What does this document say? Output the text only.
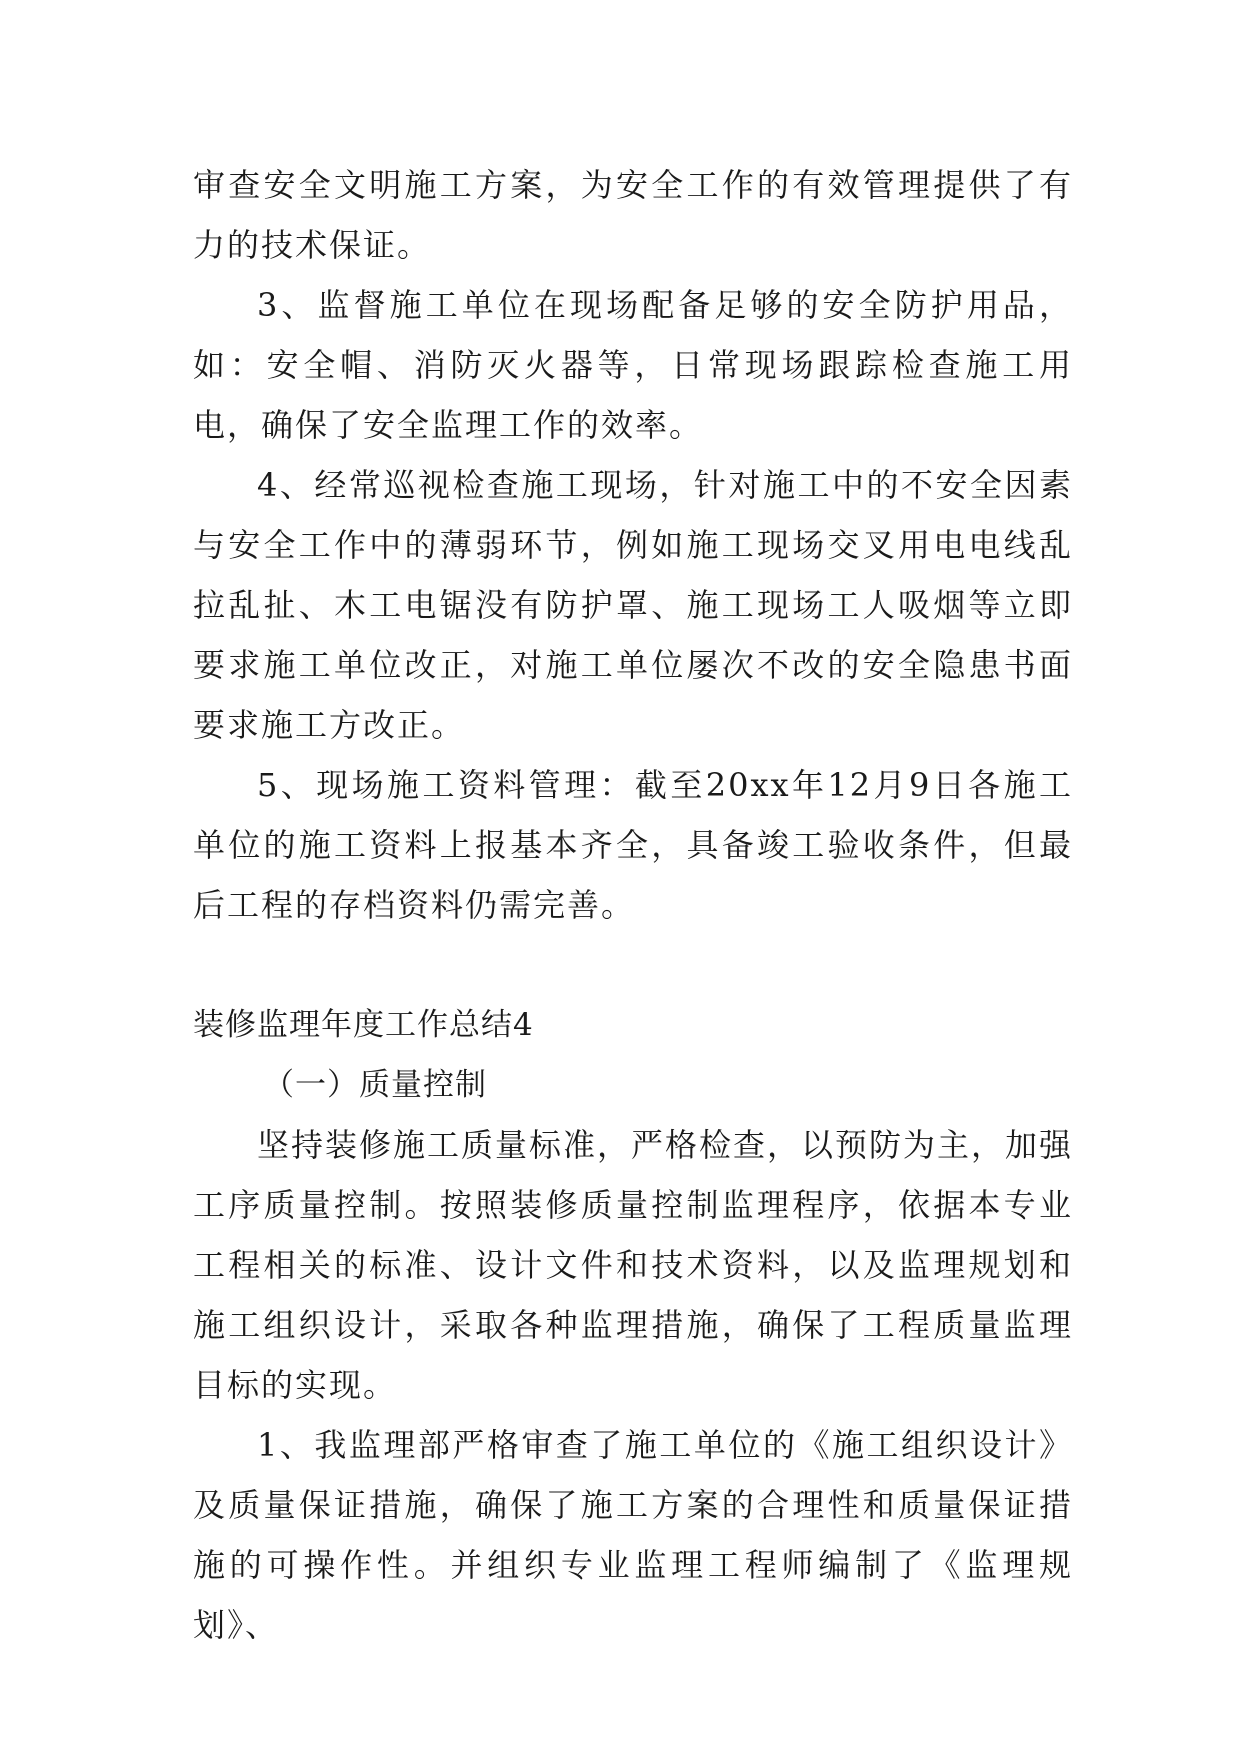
审查安全文明施工方案，为安全工作的有效管理提供了有力的技术保证。

3、监督施工单位在现场配备足够的安全防护用品，如：安全帽、消防灭火器等，日常现场跟踪检查施工用电，确保了安全监理工作的效率。

4、经常巡视检查施工现场，针对施工中的不安全因素与安全工作中的薄弱环节，例如施工现场交叉用电电线乱拉乱扯、木工电锯没有防护罩、施工现场工人吸烟等立即要求施工单位改正，对施工单位屡次不改的安全隐患书面要求施工方改正。

5、现场施工资料管理：截至20xx年12月9日各施工单位的施工资料上报基本齐全，具备竣工验收条件，但最后工程的存档资料仍需完善。

装修监理年度工作总结4

（一）质量控制

坚持装修施工质量标准，严格检查，以预防为主，加强工序质量控制。按照装修质量控制监理程序，依据本专业工程相关的标准、设计文件和技术资料，以及监理规划和施工组织设计，采取各种监理措施，确保了工程质量监理目标的实现。

1、我监理部严格审查了施工单位的《施工组织设计》及质量保证措施，确保了施工方案的合理性和质量保证措施的可操作性。并组织专业监理工程师编制了《监理规划》、
